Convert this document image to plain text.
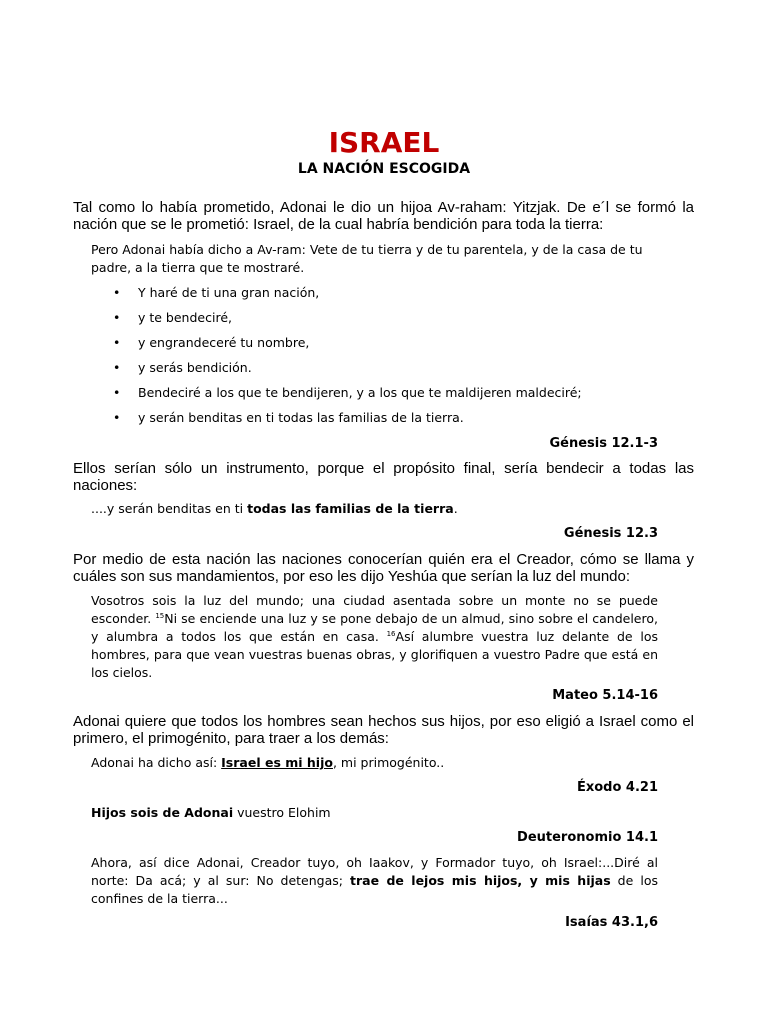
ISRAEL
LA NACIÓN ESCOGIDA

Tal como lo había prometido, Adonai le dio un hijoa Av-raham: Yitzjak. De e´l se formó la nación que se le prometió: Israel, de la cual habría bendición para toda la tierra:

Pero Adonai había dicho a Av-ram: Vete de tu tierra y de tu parentela, y de la casa de tu padre, a la tierra que te mostraré.

• Y haré de ti una gran nación,
• y te bendeciré,
• y engrandeceré tu nombre,
• y serás bendición.
• Bendeciré a los que te bendijeren, y a los que te maldijeren maldeciré;
• y serán benditas en ti todas las familias de la tierra.

Génesis 12.1-3

Ellos serían sólo un instrumento, porque el propósito final, sería bendecir a todas las naciones:

....y serán benditas en ti todas las familias de la tierra.

Génesis 12.3

Por medio de esta nación las naciones conocerían quién era el Creador, cómo se llama y cuáles son sus mandamientos, por eso les dijo Yeshúa que serían la luz del mundo:

Vosotros sois la luz del mundo; una ciudad asentada sobre un monte no se puede esconder. $^{15}$Ni se enciende una luz y se pone debajo de un almud, sino sobre el candelero, y alumbra a todos los que están en casa. $^{16}$Así alumbre vuestra luz delante de los hombres, para que vean vuestras buenas obras, y glorifiquen a vuestro Padre que está en los cielos.

Mateo 5.14-16

Adonai quiere que todos los hombres sean hechos sus hijos, por eso eligió a Israel como el primero, el primogénito, para traer a los demás:

Adonai ha dicho así: Israel es mi hijo, mi primogénito..

Éxodo 4.21

Hijos sois de Adonai vuestro Elohim

Deuteronomio 14.1

Ahora, así dice Adonai, Creador tuyo, oh Iaakov, y Formador tuyo, oh Israel:...Diré al norte: Da acá; y al sur: No detengas; trae de lejos mis hijos, y mis hijas de los confines de la tierra...

Isaías 43.1,6
